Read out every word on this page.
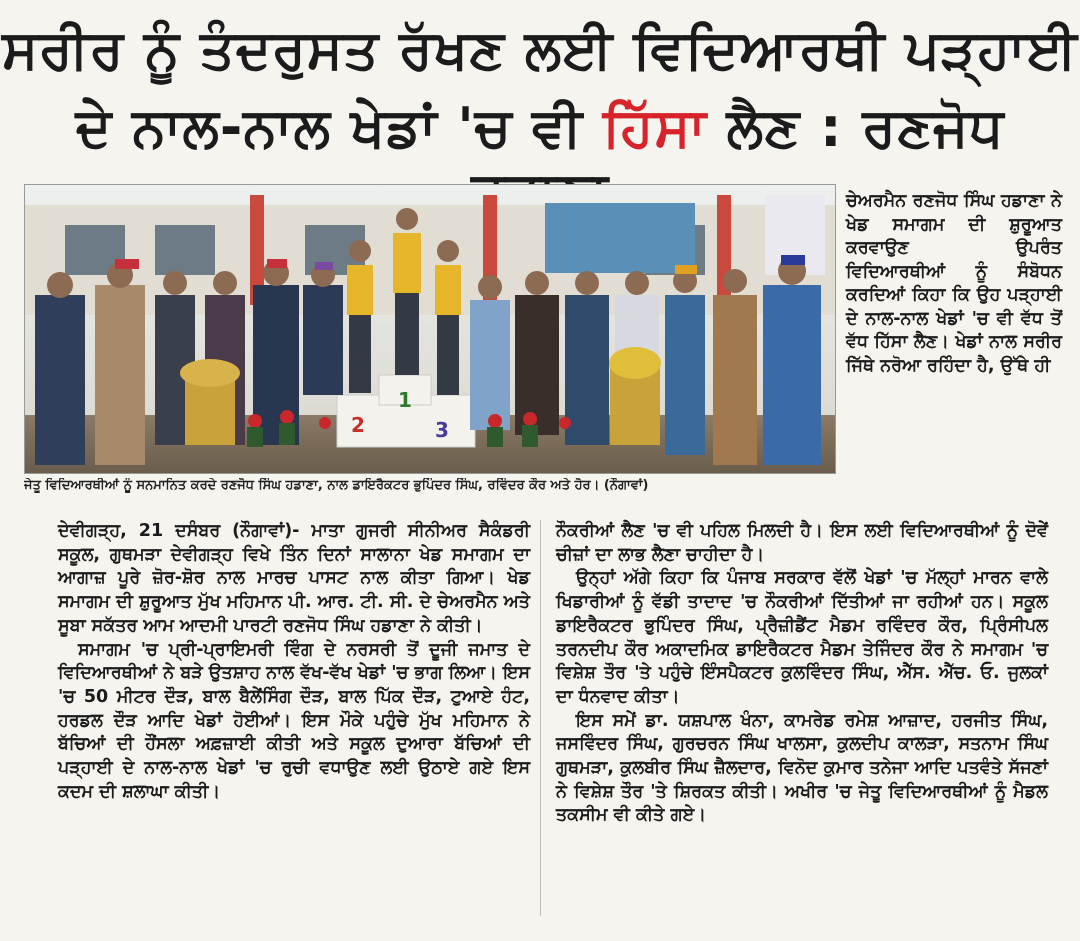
ਸਰੀਰ ਨੂੰ ਤੰਦਰੁਸਤ ਰੱਖਣ ਲਈ ਵਿਦਿਆਰਥੀ ਪੜ੍ਹਾਈ
ਦੇ ਨਾਲ-ਨਾਲ ਖੇਡਾਂ 'ਚ ਵੀ ਹਿੱਸਾ ਲੈਣ : ਰਣਜੋਧ
1
2	3
ਜੇਤੂ ਵਿਦਿਆਰਥੀਆਂ ਨੂੰ ਸਨਮਾਨਿਤ ਕਰਦੇ ਰਣਜੋਧ ਸਿੰਘ ਹਡਾਣਾ, ਨਾਲ ਡਾਇਰੈਕਟਰ ਭੁਪਿੰਦਰ ਸਿੰਘ, ਰਵਿੰਦਰ ਕੌਰ ਅਤੇ ਹੋਰ। (ਨੌਗਾਵਾਂ)
ਚੇਅਰਮੈਨ ਰਣਜੋਧ ਸਿੰਘ ਹਡਾਣਾ ਨੇ ਖੇਡ ਸਮਾਗਮ ਦੀ ਸ਼ੁਰੂਆਤ ਕਰਵਾਉਣ ਉਪਰੰਤ ਵਿਦਿਆਰਥੀਆਂ ਨੂੰ ਸੰਬੋਧਨ ਕਰਦਿਆਂ ਕਿਹਾ ਕਿ ਉਹ ਪੜ੍ਹਾਈ ਦੇ ਨਾਲ-ਨਾਲ ਖੇਡਾਂ 'ਚ ਵੀ ਵੱਧ ਤੋਂ ਵੱਧ ਹਿੱਸਾ ਲੈਣ। ਖੇਡਾਂ ਨਾਲ ਸਰੀਰ ਜਿੱਥੇ ਨਰੋਆ ਰਹਿੰਦਾ ਹੈ, ਉੱਥੇ ਹੀ

ਦੇਵੀਗੜ੍ਹ, 21 ਦਸੰਬਰ (ਨੌਗਾਵਾਂ)- ਮਾਤਾ ਗੁਜਰੀ ਸੀਨੀਅਰ ਸੈਕੰਡਰੀ ਸਕੂਲ, ਗੁਥਮੜਾ ਦੇਵੀਗੜ੍ਹ ਵਿਖੇ ਤਿੰਨ ਦਿਨਾਂ ਸਾਲਾਨਾ ਖੇਡ ਸਮਾਗਮ ਦਾ ਆਗਾਜ਼ ਪੂਰੇ ਜ਼ੋਰ-ਸ਼ੋਰ ਨਾਲ ਮਾਰਚ ਪਾਸਟ ਨਾਲ ਕੀਤਾ ਗਿਆ। ਖੇਡ ਸਮਾਗਮ ਦੀ ਸ਼ੁਰੂਆਤ ਮੁੱਖ ਮਹਿਮਾਨ ਪੀ. ਆਰ. ਟੀ. ਸੀ. ਦੇ ਚੇਅਰਮੈਨ ਅਤੇ ਸੂਬਾ ਸਕੱਤਰ ਆਮ ਆਦਮੀ ਪਾਰਟੀ ਰਣਜੋਧ ਸਿੰਘ ਹਡਾਣਾ ਨੇ ਕੀਤੀ।

ਸਮਾਗਮ 'ਚ ਪ੍ਰੀ-ਪ੍ਰਾਇਮਰੀ ਵਿੰਗ ਦੇ ਨਰਸਰੀ ਤੋਂ ਦੂਜੀ ਜਮਾਤ ਦੇ ਵਿਦਿਆਰਥੀਆਂ ਨੇ ਬੜੇ ਉਤਸ਼ਾਹ ਨਾਲ ਵੱਖ-ਵੱਖ ਖੇਡਾਂ 'ਚ ਭਾਗ ਲਿਆ। ਇਸ 'ਚ 50 ਮੀਟਰ ਦੌੜ, ਬਾਲ ਬੈਲੇਂਸਿੰਗ ਦੌੜ, ਬਾਲ ਪਿੱਕ ਦੌੜ, ਟੁਆਏ ਹੰਟ, ਹਰਡਲ ਦੌੜ ਆਦਿ ਖੇਡਾਂ ਹੋਈਆਂ। ਇਸ ਮੌਕੇ ਪਹੁੰਚੇ ਮੁੱਖ ਮਹਿਮਾਨ ਨੇ ਬੱਚਿਆਂ ਦੀ ਹੌਂਸਲਾ ਅਫ਼ਜ਼ਾਈ ਕੀਤੀ ਅਤੇ ਸਕੂਲ ਦੁਆਰਾ ਬੱਚਿਆਂ ਦੀ ਪੜ੍ਹਾਈ ਦੇ ਨਾਲ-ਨਾਲ ਖੇਡਾਂ 'ਚ ਰੁਚੀ ਵਧਾਉਣ ਲਈ ਉਠਾਏ ਗਏ ਇਸ ਕਦਮ ਦੀ ਸ਼ਲਾਘਾ ਕੀਤੀ।

ਨੌਕਰੀਆਂ ਲੈਣ 'ਚ ਵੀ ਪਹਿਲ ਮਿਲਦੀ ਹੈ। ਇਸ ਲਈ ਵਿਦਿਆਰਥੀਆਂ ਨੂੰ ਦੋਵੇਂ ਚੀਜ਼ਾਂ ਦਾ ਲਾਭ ਲੈਣਾ ਚਾਹੀਦਾ ਹੈ।

ਉਨ੍ਹਾਂ ਅੱਗੇ ਕਿਹਾ ਕਿ ਪੰਜਾਬ ਸਰਕਾਰ ਵੱਲੋਂ ਖੇਡਾਂ 'ਚ ਮੱਲ੍ਹਾਂ ਮਾਰਨ ਵਾਲੇ ਖਿਡਾਰੀਆਂ ਨੂੰ ਵੱਡੀ ਤਾਦਾਦ 'ਚ ਨੌਕਰੀਆਂ ਦਿੱਤੀਆਂ ਜਾ ਰਹੀਆਂ ਹਨ। ਸਕੂਲ ਡਾਇਰੈਕਟਰ ਭੁਪਿੰਦਰ ਸਿੰਘ, ਪ੍ਰੈਜ਼ੀਡੈਂਟ ਮੈਡਮ ਰਵਿੰਦਰ ਕੌਰ, ਪ੍ਰਿੰਸੀਪਲ ਤਰਨਦੀਪ ਕੌਰ ਅਕਾਦਮਿਕ ਡਾਇਰੈਕਟਰ ਮੈਡਮ ਤੇਜਿੰਦਰ ਕੌਰ ਨੇ ਸਮਾਗਮ 'ਚ ਵਿਸ਼ੇਸ਼ ਤੌਰ 'ਤੇ ਪਹੁੰਚੇ ਇੰਸਪੈਕਟਰ ਕੁਲਵਿੰਦਰ ਸਿੰਘ, ਐੱਸ. ਐੱਚ. ਓ. ਜੁਲਕਾਂ ਦਾ ਧੰਨਵਾਦ ਕੀਤਾ।

ਇਸ ਸਮੇਂ ਡਾ. ਯਸ਼ਪਾਲ ਖੰਨਾ, ਕਾਮਰੇਡ ਰਮੇਸ਼ ਆਜ਼ਾਦ, ਹਰਜੀਤ ਸਿੰਘ, ਜਸਵਿੰਦਰ ਸਿੰਘ, ਗੁਰਚਰਨ ਸਿੰਘ ਖਾਲਸਾ, ਕੁਲਦੀਪ ਕਾਲੜਾ, ਸਤਨਾਮ ਸਿੰਘ ਗੁਥਮੜਾ, ਕੁਲਬੀਰ ਸਿੰਘ ਜ਼ੈਲਦਾਰ, ਵਿਨੋਦ ਕੁਮਾਰ ਤਨੇਜਾ ਆਦਿ ਪਤਵੰਤੇ ਸੱਜਣਾਂ ਨੇ ਵਿਸ਼ੇਸ਼ ਤੌਰ 'ਤੇ ਸ਼ਿਰਕਤ ਕੀਤੀ। ਅਖੀਰ 'ਚ ਜੇਤੂ ਵਿਦਿਆਰਥੀਆਂ ਨੂੰ ਮੈਡਲ ਤਕਸੀਮ ਵੀ ਕੀਤੇ ਗਏ।
